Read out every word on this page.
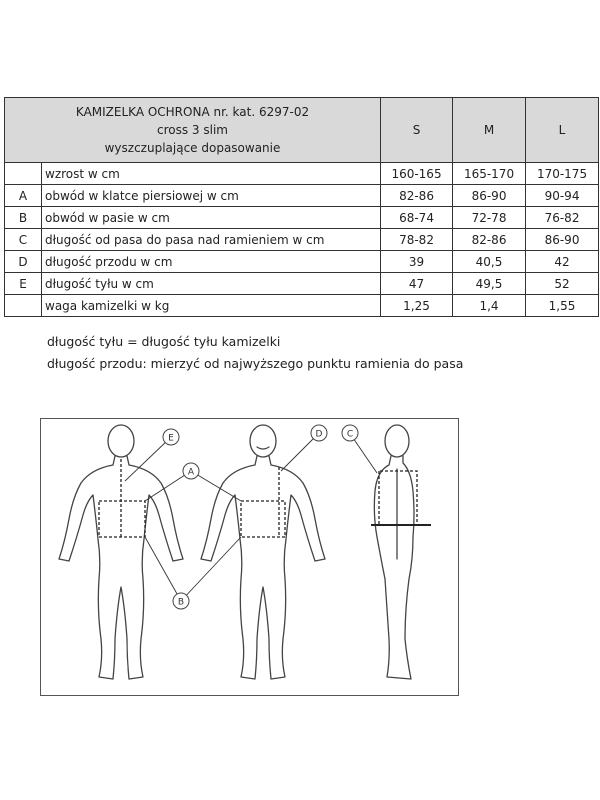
KAMIZELKA OCHRONA nr. kat. 6297-02
cross 3 slim
wyszczuplające dopasowanie		S	M	L
	wzrost w cm	160-165	165-170	170-175
A	obwód w klatce piersiowej w cm	82-86	86-90	90-94
B	obwód w pasie w cm	68-74	72-78	76-82
C	długość od pasa do pasa nad ramieniem w cm	78-82	82-86	86-90
D	długość przodu w cm	39	40,5	42
E	długość tyłu w cm	47	49,5	52
	waga kamizelki w kg	1,25	1,4	1,55
długość tyłu = długość tyłu kamizelki
długość przodu: mierzyć od najwyższego punktu ramienia do pasa
A
B
E	D	C
